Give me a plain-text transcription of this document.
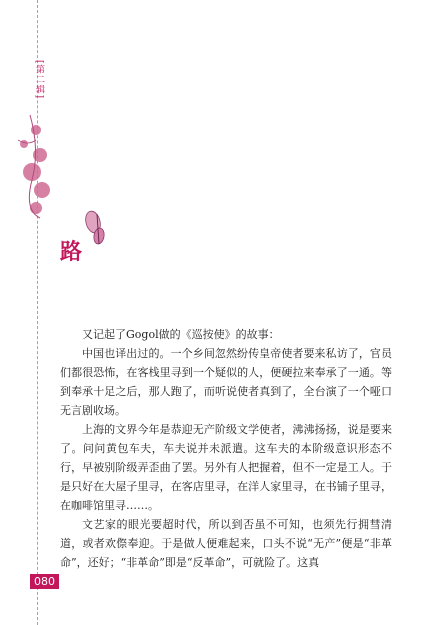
[第二辑]
路

又记起了Gogol做的《巡按使》的故事：

中国也译出过的。一个乡间忽然纷传皇帝使者要来私访了，官员们都很恐怖，在客栈里寻到一个疑似的人，便硬拉来奉承了一通。等到奉承十足之后，那人跑了，而听说使者真到了，全台演了一个哑口无言剧收场。

上海的文界今年是恭迎无产阶级文学使者，沸沸扬扬，说是要来了。问问黄包车夫，车夫说并未派遣。这车夫的本阶级意识形态不行，早被别阶级弄歪曲了罢。另外有人把握着，但不一定是工人。于是只好在大屋子里寻，在客店里寻，在洋人家里寻，在书铺子里寻，在咖啡馆里寻……。

文艺家的眼光要超时代，所以到否虽不可知，也须先行拥彗清道，或者欢傺奉迎。于是做人便难起来，口头不说“无产”便是“非革命”，还好；“非革命”即是“反革命”，可就险了。这真

080
